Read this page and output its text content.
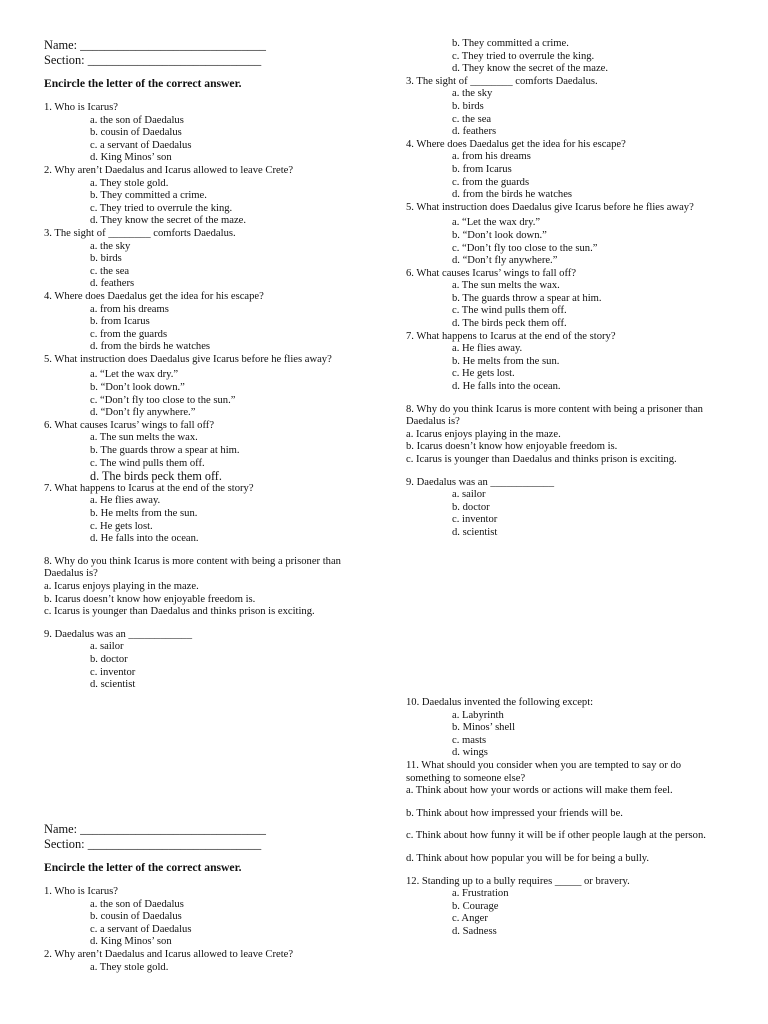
Name: ______________________________
Section: ____________________________
Encircle the letter of the correct answer.
1. Who is Icarus?
a. the son of Daedalus
b. cousin of Daedalus
c. a servant of Daedalus
d. King Minos’ son
2. Why aren’t Daedalus and Icarus allowed to leave Crete?
a. They stole gold.
b. They committed a crime.
c. They tried to overrule the king.
d. They know the secret of the maze.
3. The sight of ________ comforts Daedalus.
a. the sky
b. birds
c. the sea
d. feathers
4. Where does Daedalus get the idea for his escape?
a. from his dreams
b. from Icarus
c. from the guards
d. from the birds he watches
5. What instruction does Daedalus give Icarus before he flies away?
a. “Let the wax dry.”
b. “Don’t look down.”
c. “Don’t fly too close to the sun.”
d. “Don’t fly anywhere.”
6. What causes Icarus’ wings to fall off?
a. The sun melts the wax.
b. The guards throw a spear at him.
c. The wind pulls them off.
d. The birds peck them off.
7. What happens to Icarus at the end of the story?
a. He flies away.
b. He melts from the sun.
c. He gets lost.
d. He falls into the ocean.
8. Why do you think Icarus is more content with being a prisoner than Daedalus is?
a. Icarus enjoys playing in the maze.
b. Icarus doesn’t know how enjoyable freedom is.
c. Icarus is younger than Daedalus and thinks prison is exciting.
9. Daedalus was an ____________
a. sailor
b. doctor
c. inventor
d. scientist
Name: ______________________________
Section: ____________________________
Encircle the letter of the correct answer.
1. Who is Icarus?
a. the son of Daedalus
b. cousin of Daedalus
c. a servant of Daedalus
d. King Minos’ son
2. Why aren’t Daedalus and Icarus allowed to leave Crete?
a. They stole gold.
b. They committed a crime.
c. They tried to overrule the king.
d. They know the secret of the maze.
3. The sight of ________ comforts Daedalus.
a. the sky
b. birds
c. the sea
d. feathers
4. Where does Daedalus get the idea for his escape?
a. from his dreams
b. from Icarus
c. from the guards
d. from the birds he watches
5. What instruction does Daedalus give Icarus before he flies away?
a. “Let the wax dry.”
b. “Don’t look down.”
c. “Don’t fly too close to the sun.”
d. “Don’t fly anywhere.”
6. What causes Icarus’ wings to fall off?
a. The sun melts the wax.
b. The guards throw a spear at him.
c. The wind pulls them off.
d. The birds peck them off.
7. What happens to Icarus at the end of the story?
a. He flies away.
b. He melts from the sun.
c. He gets lost.
d. He falls into the ocean.
8. Why do you think Icarus is more content with being a prisoner than Daedalus is?
a. Icarus enjoys playing in the maze.
b. Icarus doesn’t know how enjoyable freedom is.
c. Icarus is younger than Daedalus and thinks prison is exciting.
9. Daedalus was an ____________
a. sailor
b. doctor
c. inventor
d. scientist
10. Daedalus invented the following except:
a. Labyrinth
b. Minos’ shell
c. masts
d. wings
11. What should you consider when you are tempted to say or do something to someone else?
a. Think about how your words or actions will make them feel.
b. Think about how impressed your friends will be.
c. Think about how funny it will be if other people laugh at the person.
d. Think about how popular you will be for being a bully.
12. Standing up to a bully requires _____ or bravery.
a. Frustration
b. Courage
c. Anger
d. Sadness
